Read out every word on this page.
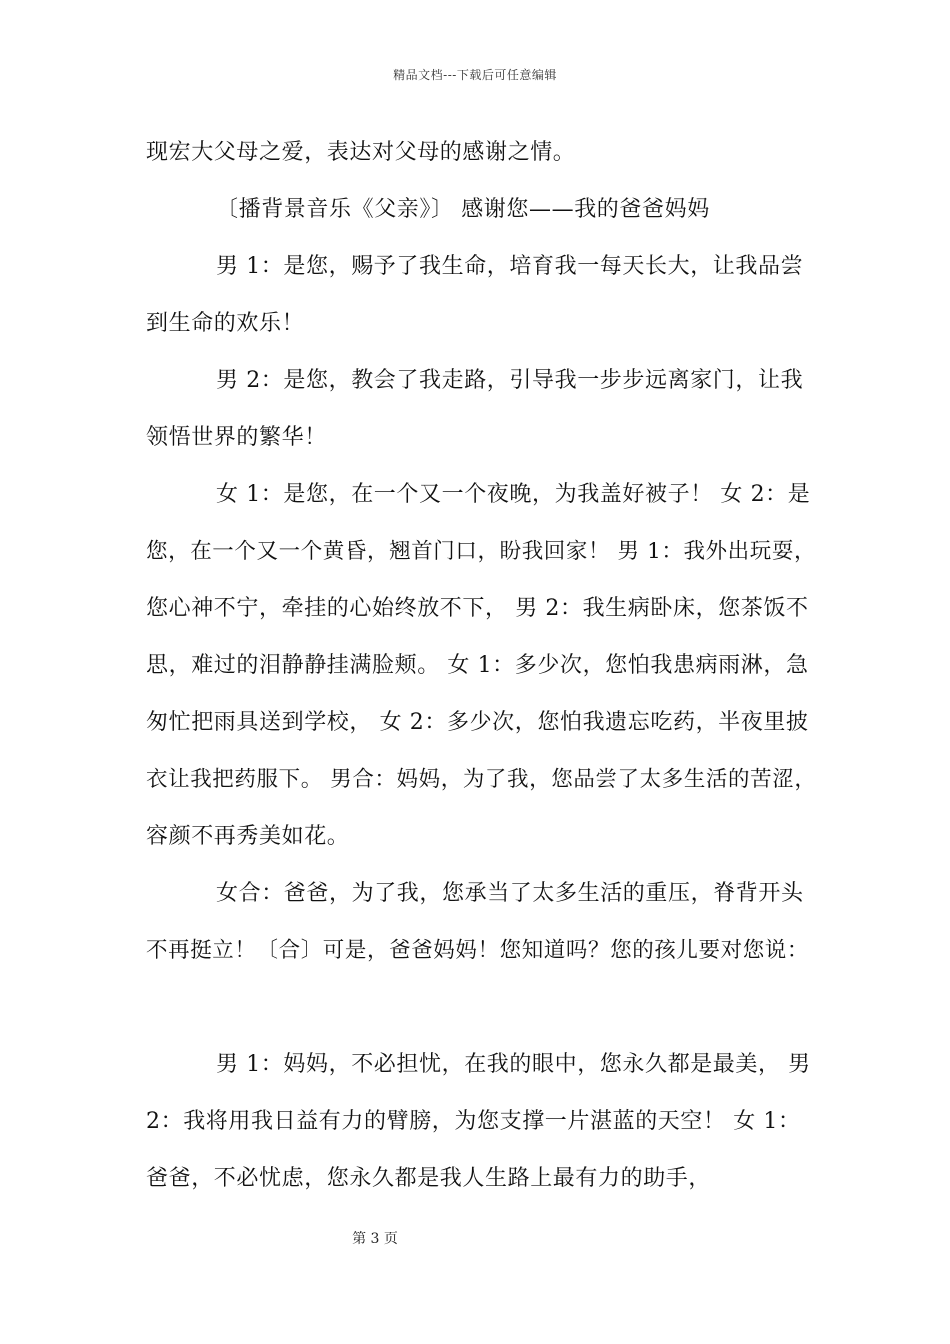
精品文档---下载后可任意编辑
现宏大父母之爱，表达对父母的感谢之情。
〔播背景音乐《父亲》〕 感谢您——我的爸爸妈妈
男 1：是您，赐予了我生命，培育我一每天长大，让我品尝
到生命的欢乐！
男 2：是您，教会了我走路，引导我一步步远离家门，让我
领悟世界的繁华！
女 1：是您，在一个又一个夜晚，为我盖好被子！ 女 2：是
您，在一个又一个黄昏，翘首门口，盼我回家！ 男 1：我外出玩耍，
您心神不宁，牵挂的心始终放不下， 男 2：我生病卧床，您茶饭不
思，难过的泪静静挂满脸颊。 女 1：多少次，您怕我患病雨淋，急
匆忙把雨具送到学校， 女 2：多少次，您怕我遗忘吃药，半夜里披
衣让我把药服下。 男合：妈妈，为了我，您品尝了太多生活的苦涩，
容颜不再秀美如花。
女合：爸爸，为了我，您承当了太多生活的重压，脊背开头
不再挺立！〔合〕可是，爸爸妈妈！您知道吗？您的孩儿要对您说：
男 1：妈妈，不必担忧，在我的眼中，您永久都是最美， 男
2：我将用我日益有力的臂膀，为您支撑一片湛蓝的天空！ 女 1：
爸爸，不必忧虑，您永久都是我人生路上最有力的助手，
第 3 页
